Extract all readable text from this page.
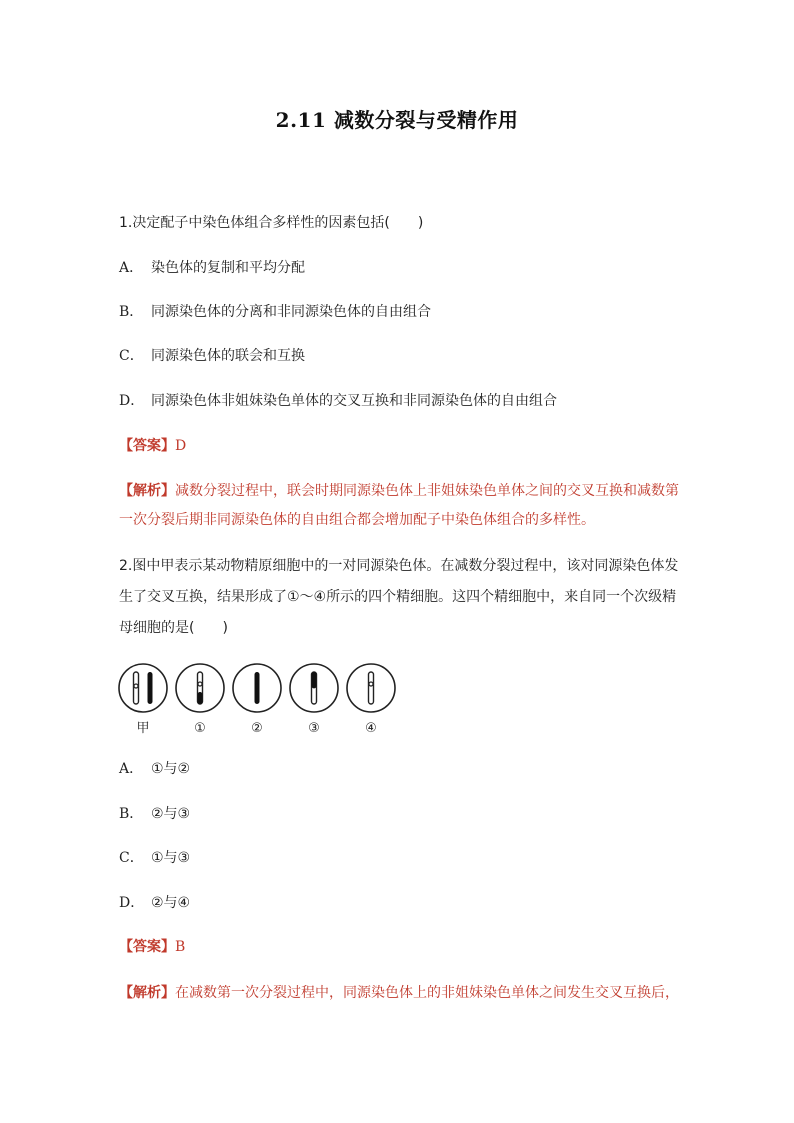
2.11 减数分裂与受精作用
1.决定配子中染色体组合多样性的因素包括(　　)
A． 染色体的复制和平均分配
B． 同源染色体的分离和非同源染色体的自由组合
C． 同源染色体的联会和互换
D． 同源染色体非姐妹染色单体的交叉互换和非同源染色体的自由组合
【答案】D
【解析】减数分裂过程中，联会时期同源染色体上非姐妹染色单体之间的交叉互换和减数第
一次分裂后期非同源染色体的自由组合都会增加配子中染色体组合的多样性。
2.图中甲表示某动物精原细胞中的一对同源染色体。在减数分裂过程中，该对同源染色体发
生了交叉互换，结果形成了①～④所示的四个精细胞。这四个精细胞中，来自同一个次级精
母细胞的是(　　)
甲	①	②	③	④
A． ①与②
B． ②与③
C． ①与③
D． ②与④
【答案】B
【解析】在减数第一次分裂过程中，同源染色体上的非姐妹染色单体之间发生交叉互换后，
